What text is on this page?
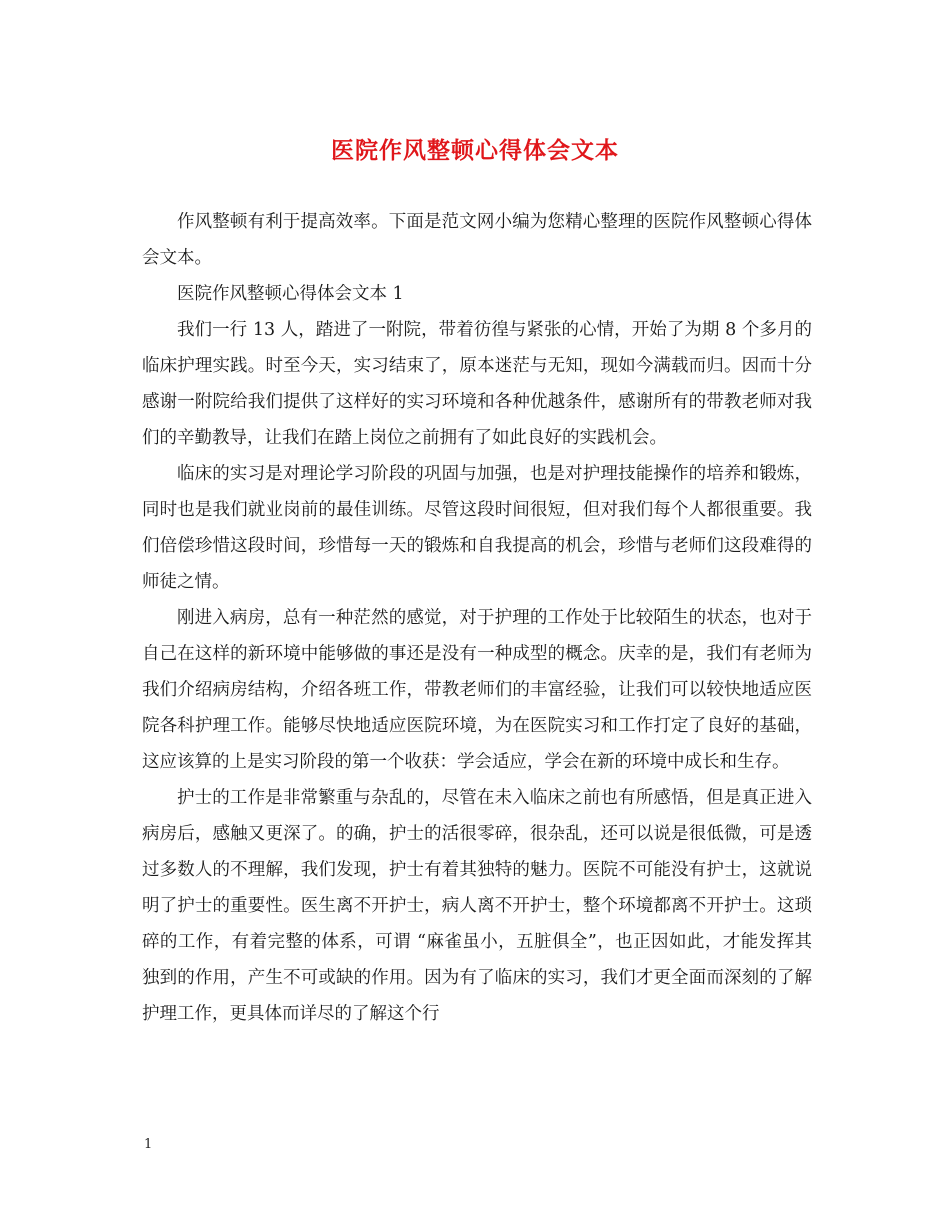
医院作风整顿心得体会文本

作风整顿有利于提高效率。下面是范文网小编为您精心整理的医院作风整顿心得体会文本。

医院作风整顿心得体会文本 1

我们一行 13 人，踏进了一附院，带着彷徨与紧张的心情，开始了为期 8 个多月的临床护理实践。时至今天，实习结束了，原本迷茫与无知，现如今满载而归。因而十分感谢一附院给我们提供了这样好的实习环境和各种优越条件，感谢所有的带教老师对我们的辛勤教导，让我们在踏上岗位之前拥有了如此良好的实践机会。

临床的实习是对理论学习阶段的巩固与加强，也是对护理技能操作的培养和锻炼，同时也是我们就业岗前的最佳训练。尽管这段时间很短，但对我们每个人都很重要。我们倍偿珍惜这段时间，珍惜每一天的锻炼和自我提高的机会，珍惜与老师们这段难得的师徒之情。

刚进入病房，总有一种茫然的感觉，对于护理的工作处于比较陌生的状态，也对于自己在这样的新环境中能够做的事还是没有一种成型的概念。庆幸的是，我们有老师为我们介绍病房结构，介绍各班工作，带教老师们的丰富经验，让我们可以较快地适应医院各科护理工作。能够尽快地适应医院环境，为在医院实习和工作打定了良好的基础，这应该算的上是实习阶段的第一个收获：学会适应，学会在新的环境中成长和生存。

护士的工作是非常繁重与杂乱的，尽管在未入临床之前也有所感悟，但是真正进入病房后，感触又更深了。的确，护士的活很零碎，很杂乱，还可以说是很低微，可是透过多数人的不理解，我们发现，护士有着其独特的魅力。医院不可能没有护士，这就说明了护士的重要性。医生离不开护士，病人离不开护士，整个环境都离不开护士。这琐碎的工作，有着完整的体系，可谓 “麻雀虽小，五脏俱全”，也正因如此，才能发挥其独到的作用，产生不可或缺的作用。因为有了临床的实习，我们才更全面而深刻的了解护理工作，更具体而详尽的了解这个行

1
